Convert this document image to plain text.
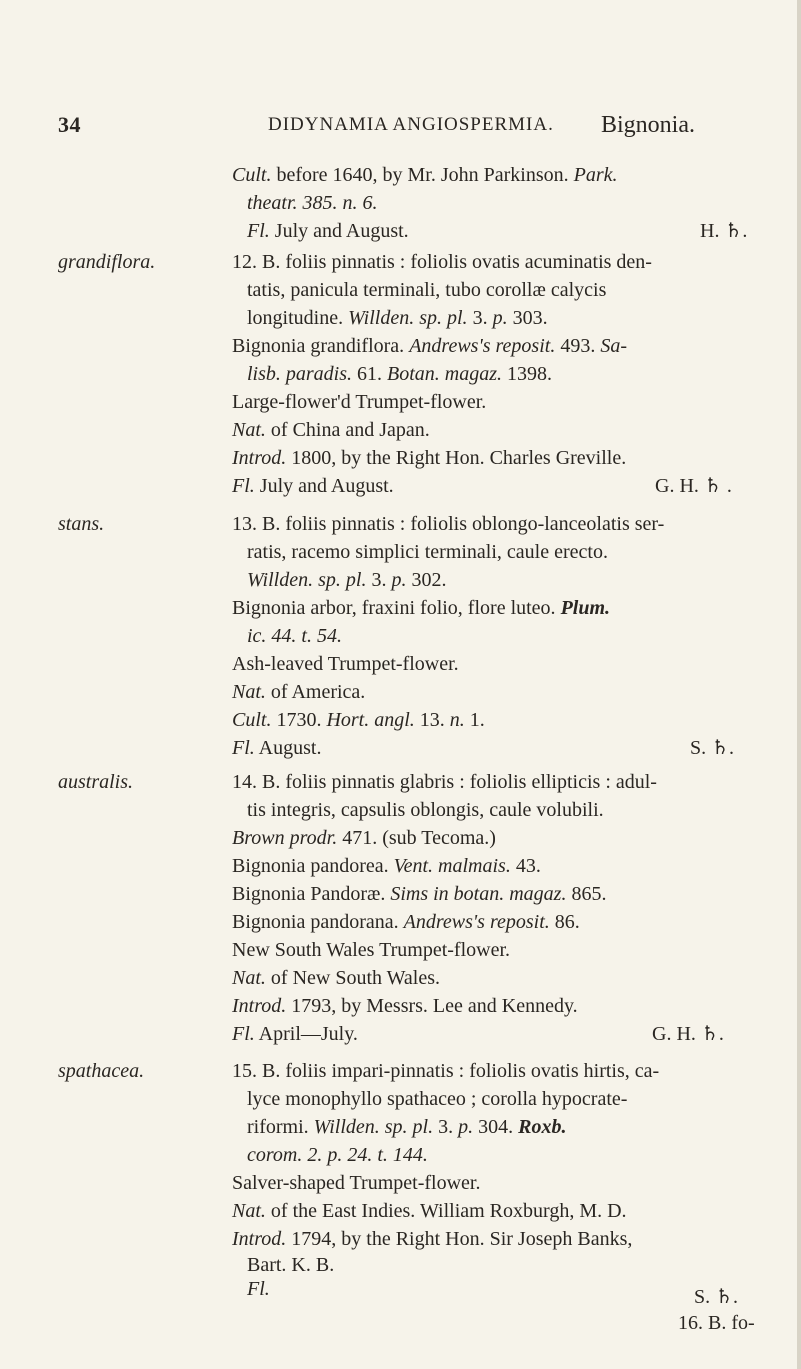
34	DIDYNAMIA ANGIOSPERMIA. Bignonia.
Cult. before 1640, by Mr. John Parkinson. Park.
theatr. 385. n. 6.
Fl. July and August.	H. ♄.
grandiflora.	12. B. foliis pinnatis : foliolis ovatis acuminatis den-
tatis, panicula terminali, tubo corollæ calycis
longitudine. Willden. sp. pl. 3. p. 303.
Bignonia grandiflora. Andrews's reposit. 493. Sa-
lisb. paradis. 61. Botan. magaz. 1398.
Large-flower'd Trumpet-flower.
Nat. of China and Japan.
Introd. 1800, by the Right Hon. Charles Greville.
Fl. July and August.	G. H. ♄ .
stans.	13. B. foliis pinnatis : foliolis oblongo-lanceolatis ser-
ratis, racemo simplici terminali, caule erecto.
Willden. sp. pl. 3. p. 302.
Bignonia arbor, fraxini folio, flore luteo. Plum.
ic. 44. t. 54.
Ash-leaved Trumpet-flower.
Nat. of America.
Cult. 1730. Hort. angl. 13. n. 1.
Fl. August.	S. ♄.
australis.	14. B. foliis pinnatis glabris : foliolis ellipticis : adul-
tis integris, capsulis oblongis, caule volubili.
Brown prodr. 471. (sub Tecoma.)
Bignonia pandorea. Vent. malmais. 43.
Bignonia Pandoræ. Sims in botan. magaz. 865.
Bignonia pandorana. Andrews's reposit. 86.
New South Wales Trumpet-flower.
Nat. of New South Wales.
Introd. 1793, by Messrs. Lee and Kennedy.
Fl. April—July.	G. H. ♄.
spathacea.	15. B. foliis impari-pinnatis : foliolis ovatis hirtis, ca-
lyce monophyllo spathaceo ; corolla hypocrate-
riformi. Willden. sp. pl. 3. p. 304. Roxb.
corom. 2. p. 24. t. 144.
Salver-shaped Trumpet-flower.
Nat. of the East Indies. William Roxburgh, M. D.
Introd. 1794, by the Right Hon. Sir Joseph Banks,
Bart. K. B.
Fl.	S. ♄.
16. B. fo-
